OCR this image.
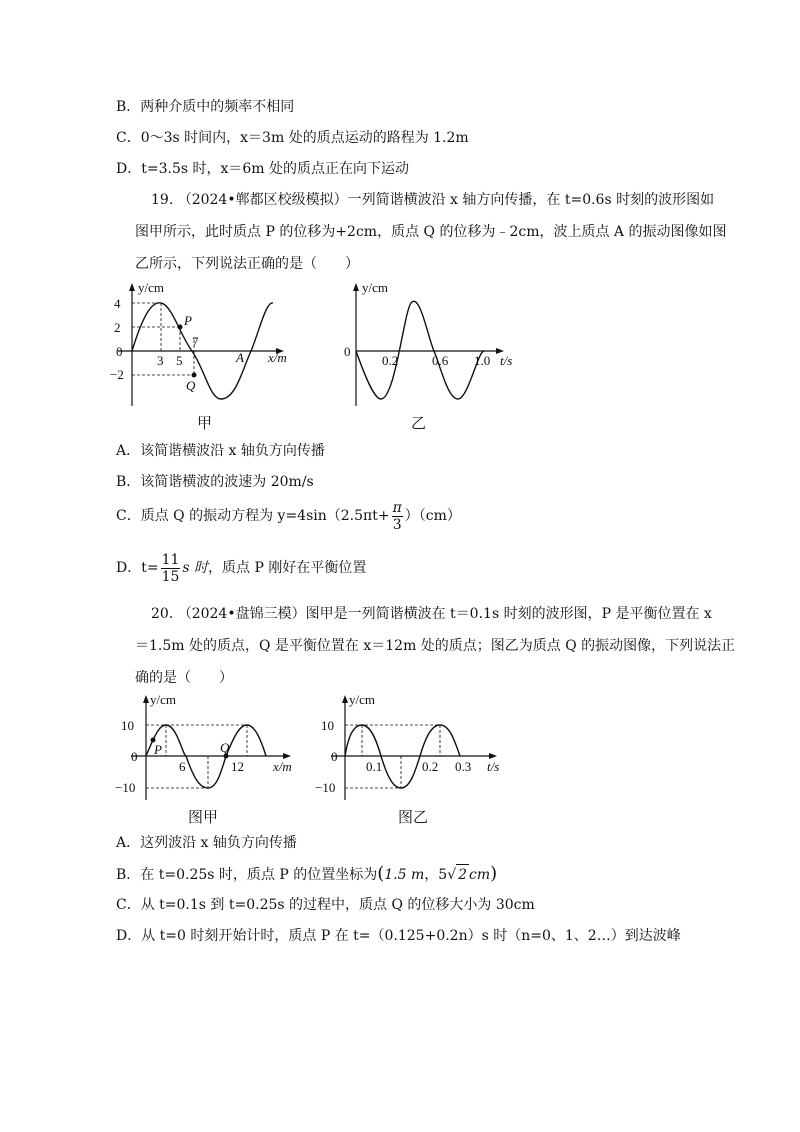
B．两种介质中的频率不相同
C．0～3s 时间内，x＝3m 处的质点运动的路程为 1.2m
D．t=3.5s 时，x＝6m 处的质点正在向下运动
19. （2024•郸都区校级模拟）一列简谐横波沿 x 轴方向传播，在 t=0.6s 时刻的波形图如
图甲所示，此时质点 P 的位移为+2cm，质点 Q 的位移为﹣2cm，波上质点 A 的振动图像如图
乙所示，下列说法正确的是（　　）
y/cm
4
2
0
−2
3 5
7
P
Q
A x/m
甲
y/cm
0
0.2	0.6 1.0 t/s
乙
A．该简谐横波沿 x 轴负方向传播
B．该简谐横波的波速为 20m/s
C．质点 Q 的振动方程为 $y=4\sin(2.5\pi t+ \frac{\pi}{3} )(cm)$
D．$t= \frac{11}{15}$ s 时，质点 P 刚好在平衡位置
20. （2024•盘锦三模）图甲是一列简谐横波在 t＝0.1s 时刻的波形图，P 是平衡位置在 x
＝1.5m 处的质点，Q 是平衡位置在 x＝12m 处的质点；图乙为质点 Q 的振动图像，下列说法正
确的是（　　）
y/cm
10
0
−10
6	12
P	Q
x/m
图甲
y/cm
10
0
−10
0.1	0.2 0.3 t/s
图乙
A．这列波沿 x 轴负方向传播
B．在 t=0.25s 时，质点 P 的位置坐标为(1.5 m，5√ 2 cm)
C．从 t=0.1s 到 t=0.25s 的过程中，质点 Q 的位移大小为 30cm
D．从 t=0 时刻开始计时，质点 P 在 t=（0.125+0.2n）s 时（n=0、1、2…）到达波峰
